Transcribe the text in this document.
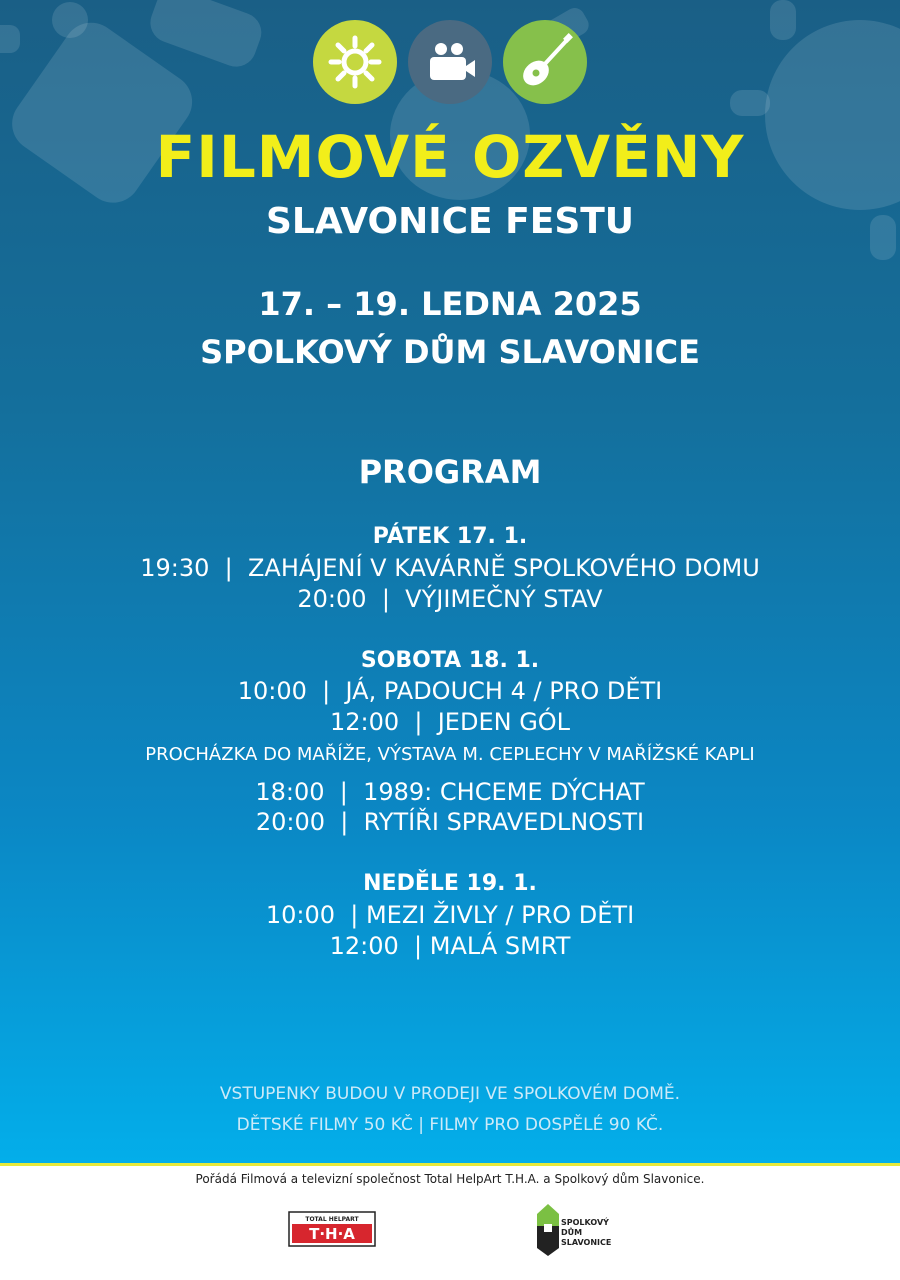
FILMOVÉ OZVĚNY
SLAVONICE FESTU
17. – 19. LEDNA 2025
SPOLKOVÝ DŮM SLAVONICE
PROGRAM
PÁTEK 17. 1.
19:30  |  ZAHÁJENÍ V KAVÁRNĚ SPOLKOVÉHO DOMU
20:00  |  VÝJIMEČNÝ STAV
SOBOTA 18. 1.
10:00  |  JÁ, PADOUCH 4 / PRO DĚTI
12:00  |  JEDEN GÓL
PROCHÁZKA DO MAŘÍŽE, VÝSTAVA M. CEPLECHY V MAŘÍŽSKÉ KAPLI
18:00  |  1989: CHCEME DÝCHAT
20:00  |  RYTÍŘI SPRAVEDLNOSTI
NEDĚLE 19. 1.
10:00  | MEZI ŽIVLY / PRO DĚTI
12:00  | MALÁ SMRT
VSTUPENKY BUDOU V PRODEJI VE SPOLKOVÉM DOMĚ.
DĚTSKÉ FILMY 50 KČ | FILMY PRO DOSPĚLÉ 90 KČ.
Pořádá Filmová a televizní společnost Total HelpArt T.H.A. a Spolkový dům Slavonice.
TOTAL HELPART
T·H·A
SPOLKOVÝ
DŮM
SLAVONICE
